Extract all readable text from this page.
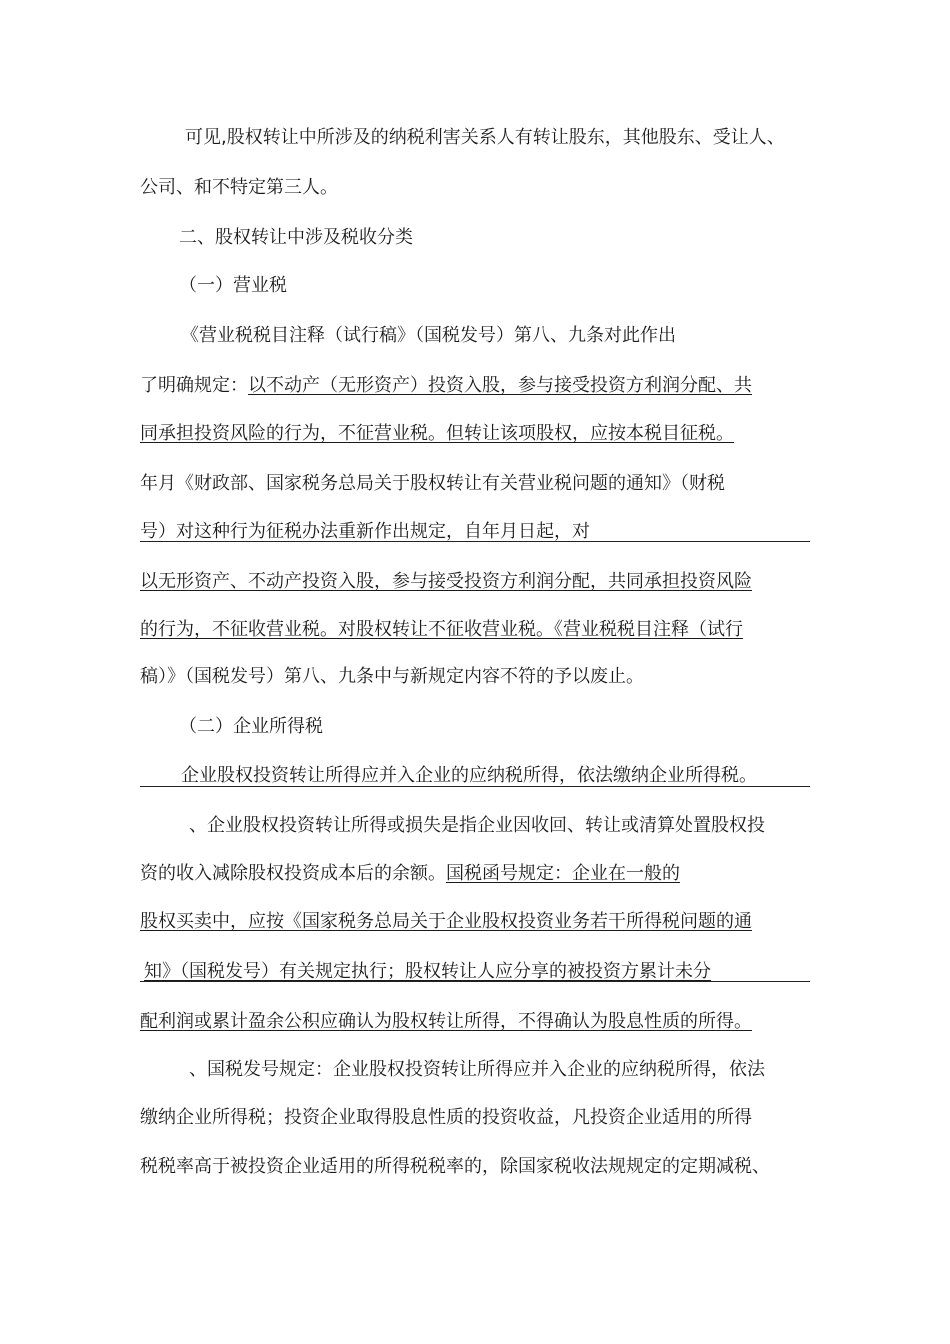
可见,股权转让中所涉及的纳税利害关系人有转让股东，其他股东、受让人、
公司、和不特定第三人。
二、股权转让中涉及税收分类
（一）营业税
《营业税税目注释（试行稿》（国税发号）第八、九条对此作出
了明确规定：以不动产（无形资产）投资入股，参与接受投资方利润分配、共
同承担投资风险的行为，不征营业税。但转让该项股权，应按本税目征税。
年月《财政部、国家税务总局关于股权转让有关营业税问题的通知》（财税
号）对这种行为征税办法重新作出规定，自年月日起，对
以无形资产、不动产投资入股，参与接受投资方利润分配，共同承担投资风险
的行为，不征收营业税。对股权转让不征收营业税。《营业税税目注释（试行
稿）》（国税发号）第八、九条中与新规定内容不符的予以废止。
（二）企业所得税
企业股权投资转让所得应并入企业的应纳税所得，依法缴纳企业所得税。
、企业股权投资转让所得或损失是指企业因收回、转让或清算处置股权投
资的收入减除股权投资成本后的余额。国税函号规定：企业在一般的
股权买卖中，应按《国家税务总局关于企业股权投资业务若干所得税问题的通
知》（国税发号）有关规定执行；股权转让人应分享的被投资方累计未分
配利润或累计盈余公积应确认为股权转让所得，不得确认为股息性质的所得。
、国税发号规定：企业股权投资转让所得应并入企业的应纳税所得，依法
缴纳企业所得税；投资企业取得股息性质的投资收益，凡投资企业适用的所得
税税率高于被投资企业适用的所得税税率的，除国家税收法规规定的定期减税、
